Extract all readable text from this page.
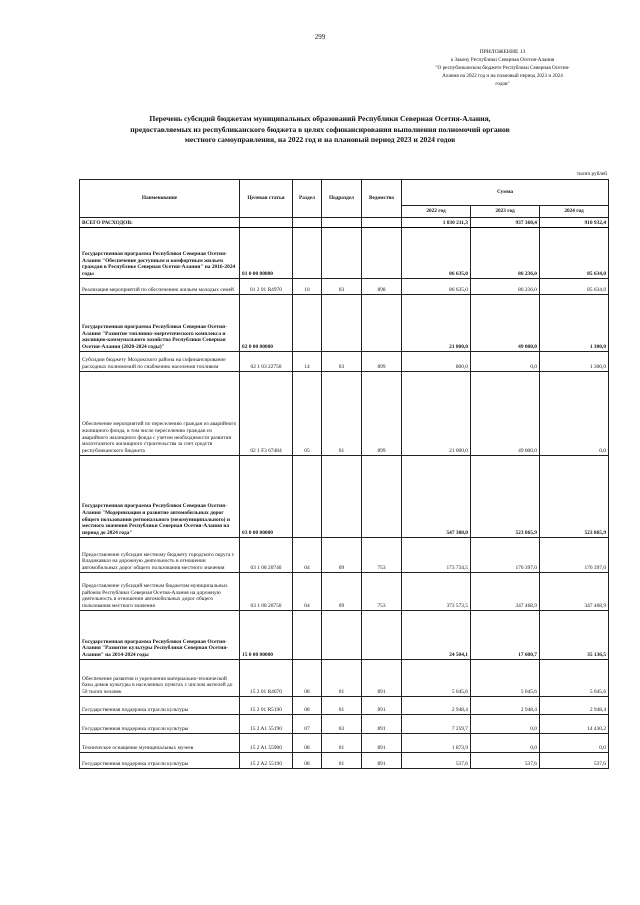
299
ПРИЛОЖЕНИЕ 13
к Закону Республики Северная Осетия-Алания
"О республиканском бюджете Республики Северная Осетия-
Алания на 2022 год и на плановый период 2023 и 2024
годов"
Перечень субсидий бюджетам муниципальных образований Республики Северная Осетия-Алания,
предоставляемых из республиканского бюджета в целях софинансирования выполнения полномочий органов
местного самоуправления, на 2022 год и на плановый период 2023 и 2024 годов
тысяч рублей
Наименование	Целевая статья	Раздел	Подраздел	Ведомство	Сумма		
					2022 год	2023 год	2024 год
ВСЕГО РАСХОДОВ:					1 030 211,3	937 360,4	910 932,4
Государственная программа Республики Северная Осетия-Алания "Обеспечение доступным и комфортным жильем граждан в Республике Северная Осетия-Алания" на 2016-2024 годы	01 0 00 00000				86 635,0	86 236,0	85 634,0
Реализация мероприятий по обеспечению жильем молодых семей	01 2 01 R4970	10	03	898	86 635,0	86 236,0	85 634,0
Государственная программа Республики Северная Осетия-Алания "Развитие топливно-энергетического комплекса и жилищно-коммунального хозяйства Республики Северная Осетия-Алания (2020-2024 годы)"	02 0 00 00000				21 800,0	49 000,0	1 300,0
Субсидии бюджету Моздокского района на софинансирование расходных полномочий по снабжению населения топливом	02 1 03 22750	14	03	899	800,0	0,0	1 300,0
Обеспечение мероприятий по переселению граждан из аварийного жилищного фонда, в том числе переселению граждан из аварийного жилищного фонда с учетом необходимости развития малоэтажного жилищного строительства за счет средств республиканского бюджета	02 1 F3 67484	05	01	899	21 000,0	49 000,0	0,0
Государственная программа Республики Северная Осетия-Алания "Модернизация и развитие автомобильных дорог общего пользования регионального (межмуниципального) и местного значения Республики Северная Осетия-Алания на период до 2024 года"	03 0 00 00000				547 308,0	523 865,9	523 865,9
Предоставление субсидии местному бюджету городского округа г. Владикавказ на дорожную деятельность в отношении автомобильных дорог общего пользования местного значения	03 1 08 20740	04	09	753	173 734,5	176 397,0	176 397,0
Предоставление субсидий местным бюджетам муниципальных районов Республики Северная Осетия-Алания на дорожную деятельность в отношении автомобильных дорог общего пользования местного значения	03 1 08 20750	04	09	753	373 573,5	347 468,9	347 468,9
Государственная программа Республики Северная Осетия-Алания "Развитие культуры Республики Северная Осетия-Алания" на 2014-2024 годы	15 0 00 00000				24 504,1	17 600,7	35 136,5
Обеспечение развития и укрепления материально-технической базы домов культуры в населенных пунктах с числом жителей до 50 тысяч человек	15 2 01 R4670	08	01	891	5 045,6	5 045,6	5 045,6
Государственная поддержка отрасли культуры	15 2 01 R5190	08	01	891	2 948,4	2 948,4	2 948,4
Государственная поддержка отрасли культуры	15 2 A1 55190	07	03	891	7 259,7	0,0	14 430,2
Техническое оснащение муниципальных музеев	15 2 A1 55900	08	01	891	1 873,9	0,0	0,0
Государственная поддержка отрасли культуры	15 2 A2 55190	08	01	891	537,6	537,6	537,6
